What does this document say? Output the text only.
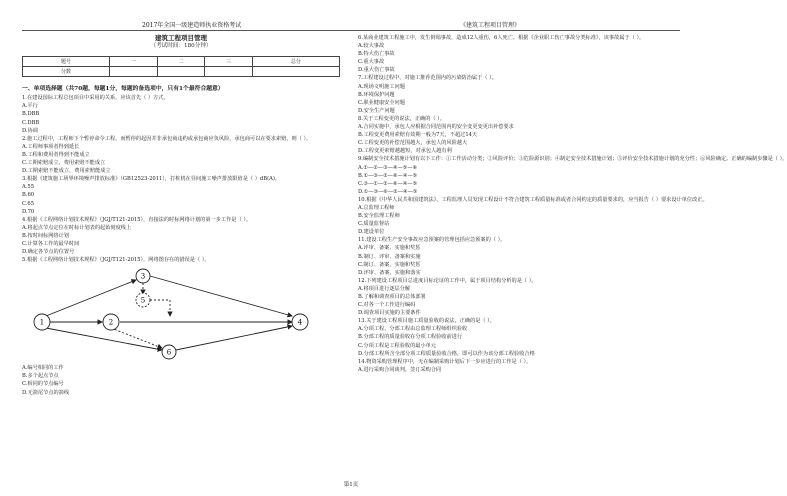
2017年全国一级建造师执业资格考试	《建筑工程项目管理》
建筑工程项目管理
（考试时间：180分钟）
题号	一	二	三	总分
分数				
一、单项选择题（共70题，每题1分，每题的备选项中，只有1个最符合题意）
1.在建设国际工程总包项目中采用的关系，应该首先（ ）方式。
A.平行
B.DBB
C.DBB
D.协调
2.施工过程中，工程师下个暂停命令工程，而暂停的起因并非承包商违约或承包商应负风险，承包商可以在要求索赔，则（ ）。
A.工程师事项者得到延长
B.工程和费用者得到不能成立
C.工期索赔成立，费用索赔不能成立
D.工期索赔不能成立，费用索赔能成立
3.根据《建筑施工场界环境噪声排放标准》（GB12523-2011），打桩机在昼间施工噪声排放限值是（ ）dB(A)。
A.55
B.60
C.65
D.70
4.根据《工程网络计划技术规程》（JGJ/T121-2015），直接法的时标网络计划的第一步工作是（ ）。
A.将起点节点定位在时标计划表的起始刻度线上
B.按时间标网络计划
C.计算各工作的最早时间
D.确定各节点的位置号
5.根据《工程网络计划技术规程》（JGJ/T121-2015），网络图存在的错误是（ ）。
1	2
3
4
5
6
A.编号相同的工作
B.多个起点节点
C.相同的节点编号
D.无箭尾节点的箭线
6.某商业建筑工程施工中，发生倒塌事故，造成12人重伤，6人死亡。根据《企业职工伤亡事故分类标准》，该事故属于（ ）。
A.较大事故
B.特大伤亡事故
C.重大事故
D.重大伤亡事故
7.工程建设过程中，对施工推荐范围内的污染防治属于（ ）。
A.现场文明施工问题
B.环境保护问题
C.职业健康安全问题
D.安全生产问题
8.关于工程变更的说法，正确的（ ）。
A.合同实施中，承包人应根据合同范围内的安全变更变更出补偿要求
B.工程变更费用索赔有效期一般为7天，不超过14天
C.工程变更的补偿范围越大，承包人的风险越大
D.工程变更索赔越越短，对承包人越有利
9.编制安全技术措施计划有以下工作：①工作活动分类；②风险评价；③危险源识别；④制定安全技术措施计划；⑤评价安全技术措施计划的充分性；⑥风险确定。正确的编制步骤是（ ）。
A.①—②—③—④—⑤—⑥
B.①—③—②—⑥—④—⑤
C.③—①—②—⑥—④—⑤
D.①—③—⑥—②—④—⑤
10.根据《中华人民共和国建筑法》，工程监理人员发现工程设计不符合建筑工程质量标准或者合同约定的质量要求的，应当报告（ ）要求设计单位改正。
A.总监理工程师
B.安全监理工程师
C.质量监督站
D.建设单位
11.建设工程生产安全事故应急预案的管理包括应急预案的（ ）。
A.评审、备案、实施和奖惩
B.制订、评审、备案和实施
C.制订、备案、实施和奖惩
D.评审、备案、实施和落实
12.下列建设工程项目总进度目标论证的工作中，属于项目结构分析的是（ ）。
A.将项目进行逐层分解
B.了解和调查项目的总体部署
C.对各一个工作进行编码
D.调查项目实施的主要条件
13.关于建设工程项目施工质量验收的说法，正确的是（ ）。
A.分项工程、分部工程由总监理工程师组织验收
B.分部工程的质量验收在分项工程验收前进行
C.分项工程是工程验收的最小单元
D.分部工程所含全部分项工程质量验收合格，即可以作为该分部工程验收合格
14.物资采购管理程序中，无在编制采购计划后下一步应进行的工作是（ ）。
A.进行采购合同谈判，签订采购合同
第1页
